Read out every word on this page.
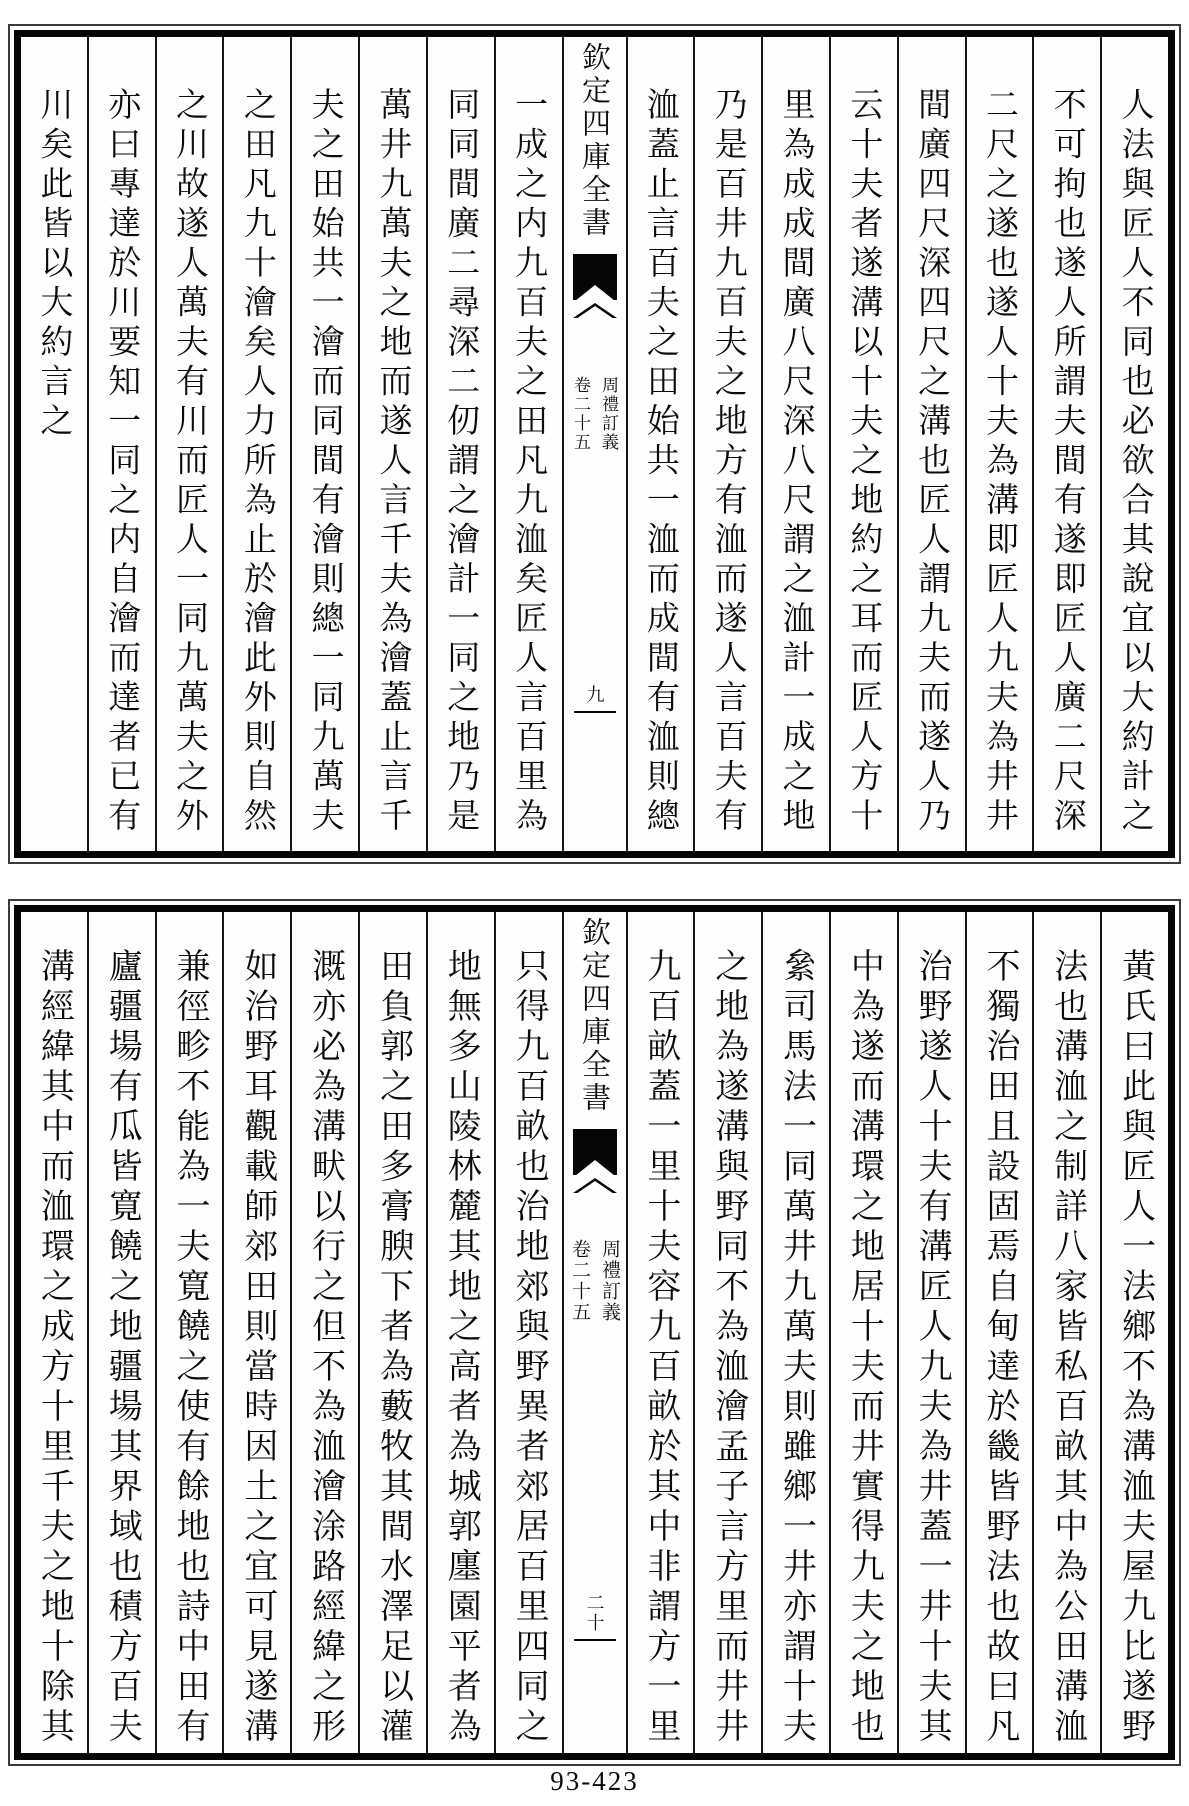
人法與匠人不同也必欲合其說宜以大約計之
不可拘也遂人所謂夫間有遂即匠人廣二尺深
二尺之遂也遂人十夫為溝即匠人九夫為井井
間廣四尺深四尺之溝也匠人謂九夫而遂人乃
云十夫者遂溝以十夫之地約之耳而匠人方十
里為成成間廣八尺深八尺謂之洫計一成之地
乃是百井九百夫之地方有洫而遂人言百夫有
洫蓋止言百夫之田始共一洫而成間有洫則總
欽定四庫全書
周禮訂義
卷二十五
九
一成之内九百夫之田凡九洫矣匠人言百里為
同同間廣二尋深二仞謂之澮計一同之地乃是
萬井九萬夫之地而遂人言千夫為澮蓋止言千
夫之田始共一澮而同間有澮則總一同九萬夫
之田凡九十澮矣人力所為止於澮此外則自然
之川故遂人萬夫有川而匠人一同九萬夫之外
亦曰專達於川要知一同之内自澮而達者已有
川矣此皆以大約言之
黃氏曰此與匠人一法鄉不為溝洫夫屋九比遂野
法也溝洫之制詳八家皆私百畝其中為公田溝洫
不獨治田且設固焉自甸達於畿皆野法也故曰凡
治野遂人十夫有溝匠人九夫為井蓋一井十夫其
中為遂而溝環之地居十夫而井實得九夫之地也
絫司馬法一同萬井九萬夫則雖鄉一井亦謂十夫
之地為遂溝與野同不為洫澮孟子言方里而井井
九百畝蓋一里十夫容九百畝於其中非謂方一里
欽定四庫全書
周禮訂義
卷二十五
二十
只得九百畝也治地郊與野異者郊居百里四同之
地無多山陵林麓其地之高者為城郭廛園平者為
田負郭之田多膏腴下者為藪牧其間水澤足以灌
溉亦必為溝畎以行之但不為洫澮涂路經緯之形
如治野耳觀載師郊田則當時因土之宜可見遂溝
兼徑畛不能為一夫寛饒之使有餘地也詩中田有
廬疆場有瓜皆寛饒之地疆場其界域也積方百夫
溝經緯其中而洫環之成方十里千夫之地十除其
93-423
